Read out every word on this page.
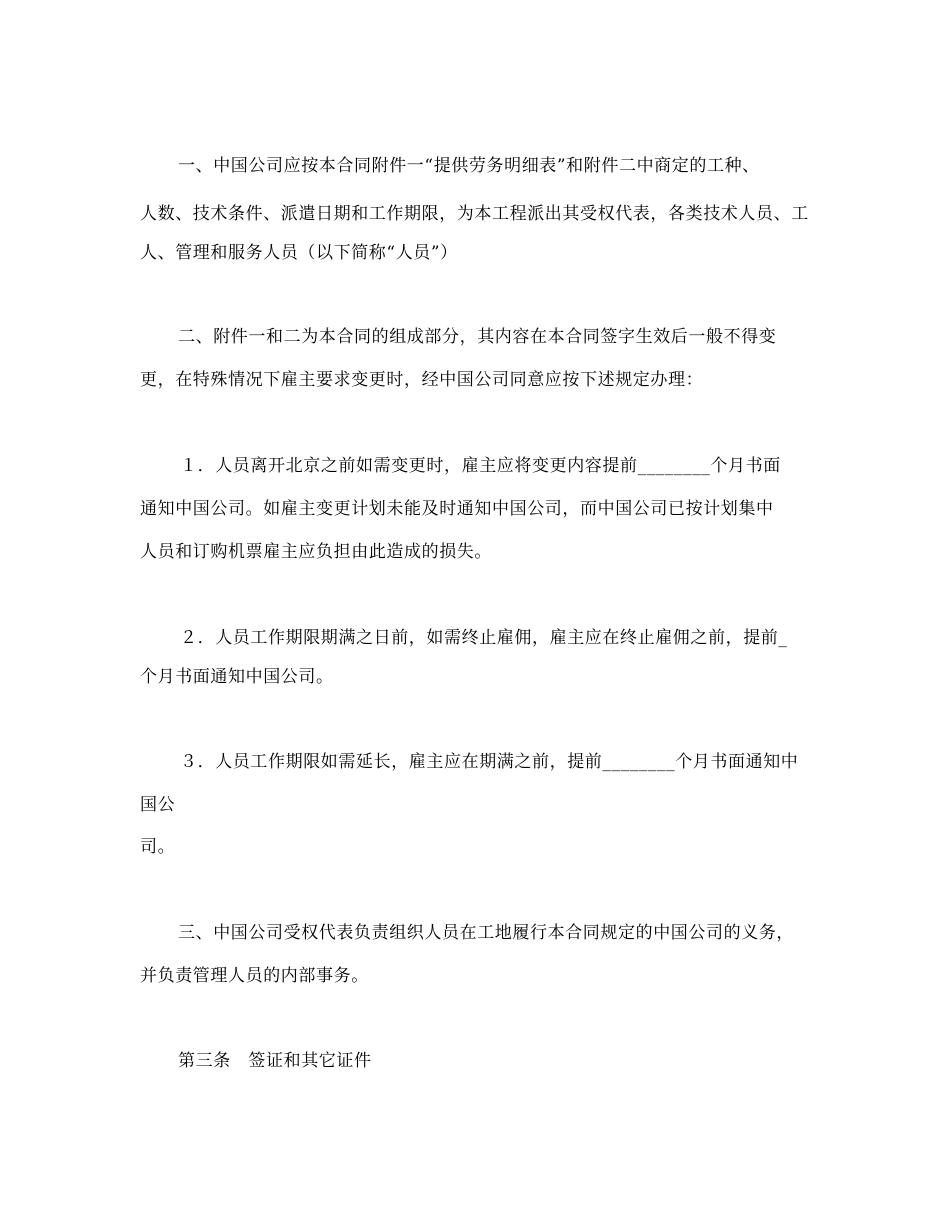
一、中国公司应按本合同附件一“提供劳务明细表”和附件二中商定的工种、
人数、技术条件、派遣日期和工作期限，为本工程派出其受权代表，各类技术人员、工
人、管理和服务人员（以下简称“人员”）
二、附件一和二为本合同的组成部分，其内容在本合同签字生效后一般不得变
更，在特殊情况下雇主要求变更时，经中国公司同意应按下述规定办理：
１．人员离开北京之前如需变更时，雇主应将变更内容提前________个月书面
通知中国公司。如雇主变更计划未能及时通知中国公司，而中国公司已按计划集中
人员和订购机票雇主应负担由此造成的损失。
２．人员工作期限期满之日前，如需终止雇佣，雇主应在终止雇佣之前，提前_
个月书面通知中国公司。
３．人员工作期限如需延长，雇主应在期满之前，提前________个月书面通知中
国公
司。
三、中国公司受权代表负责组织人员在工地履行本合同规定的中国公司的义务，
并负责管理人员的内部事务。
第三条　签证和其它证件
